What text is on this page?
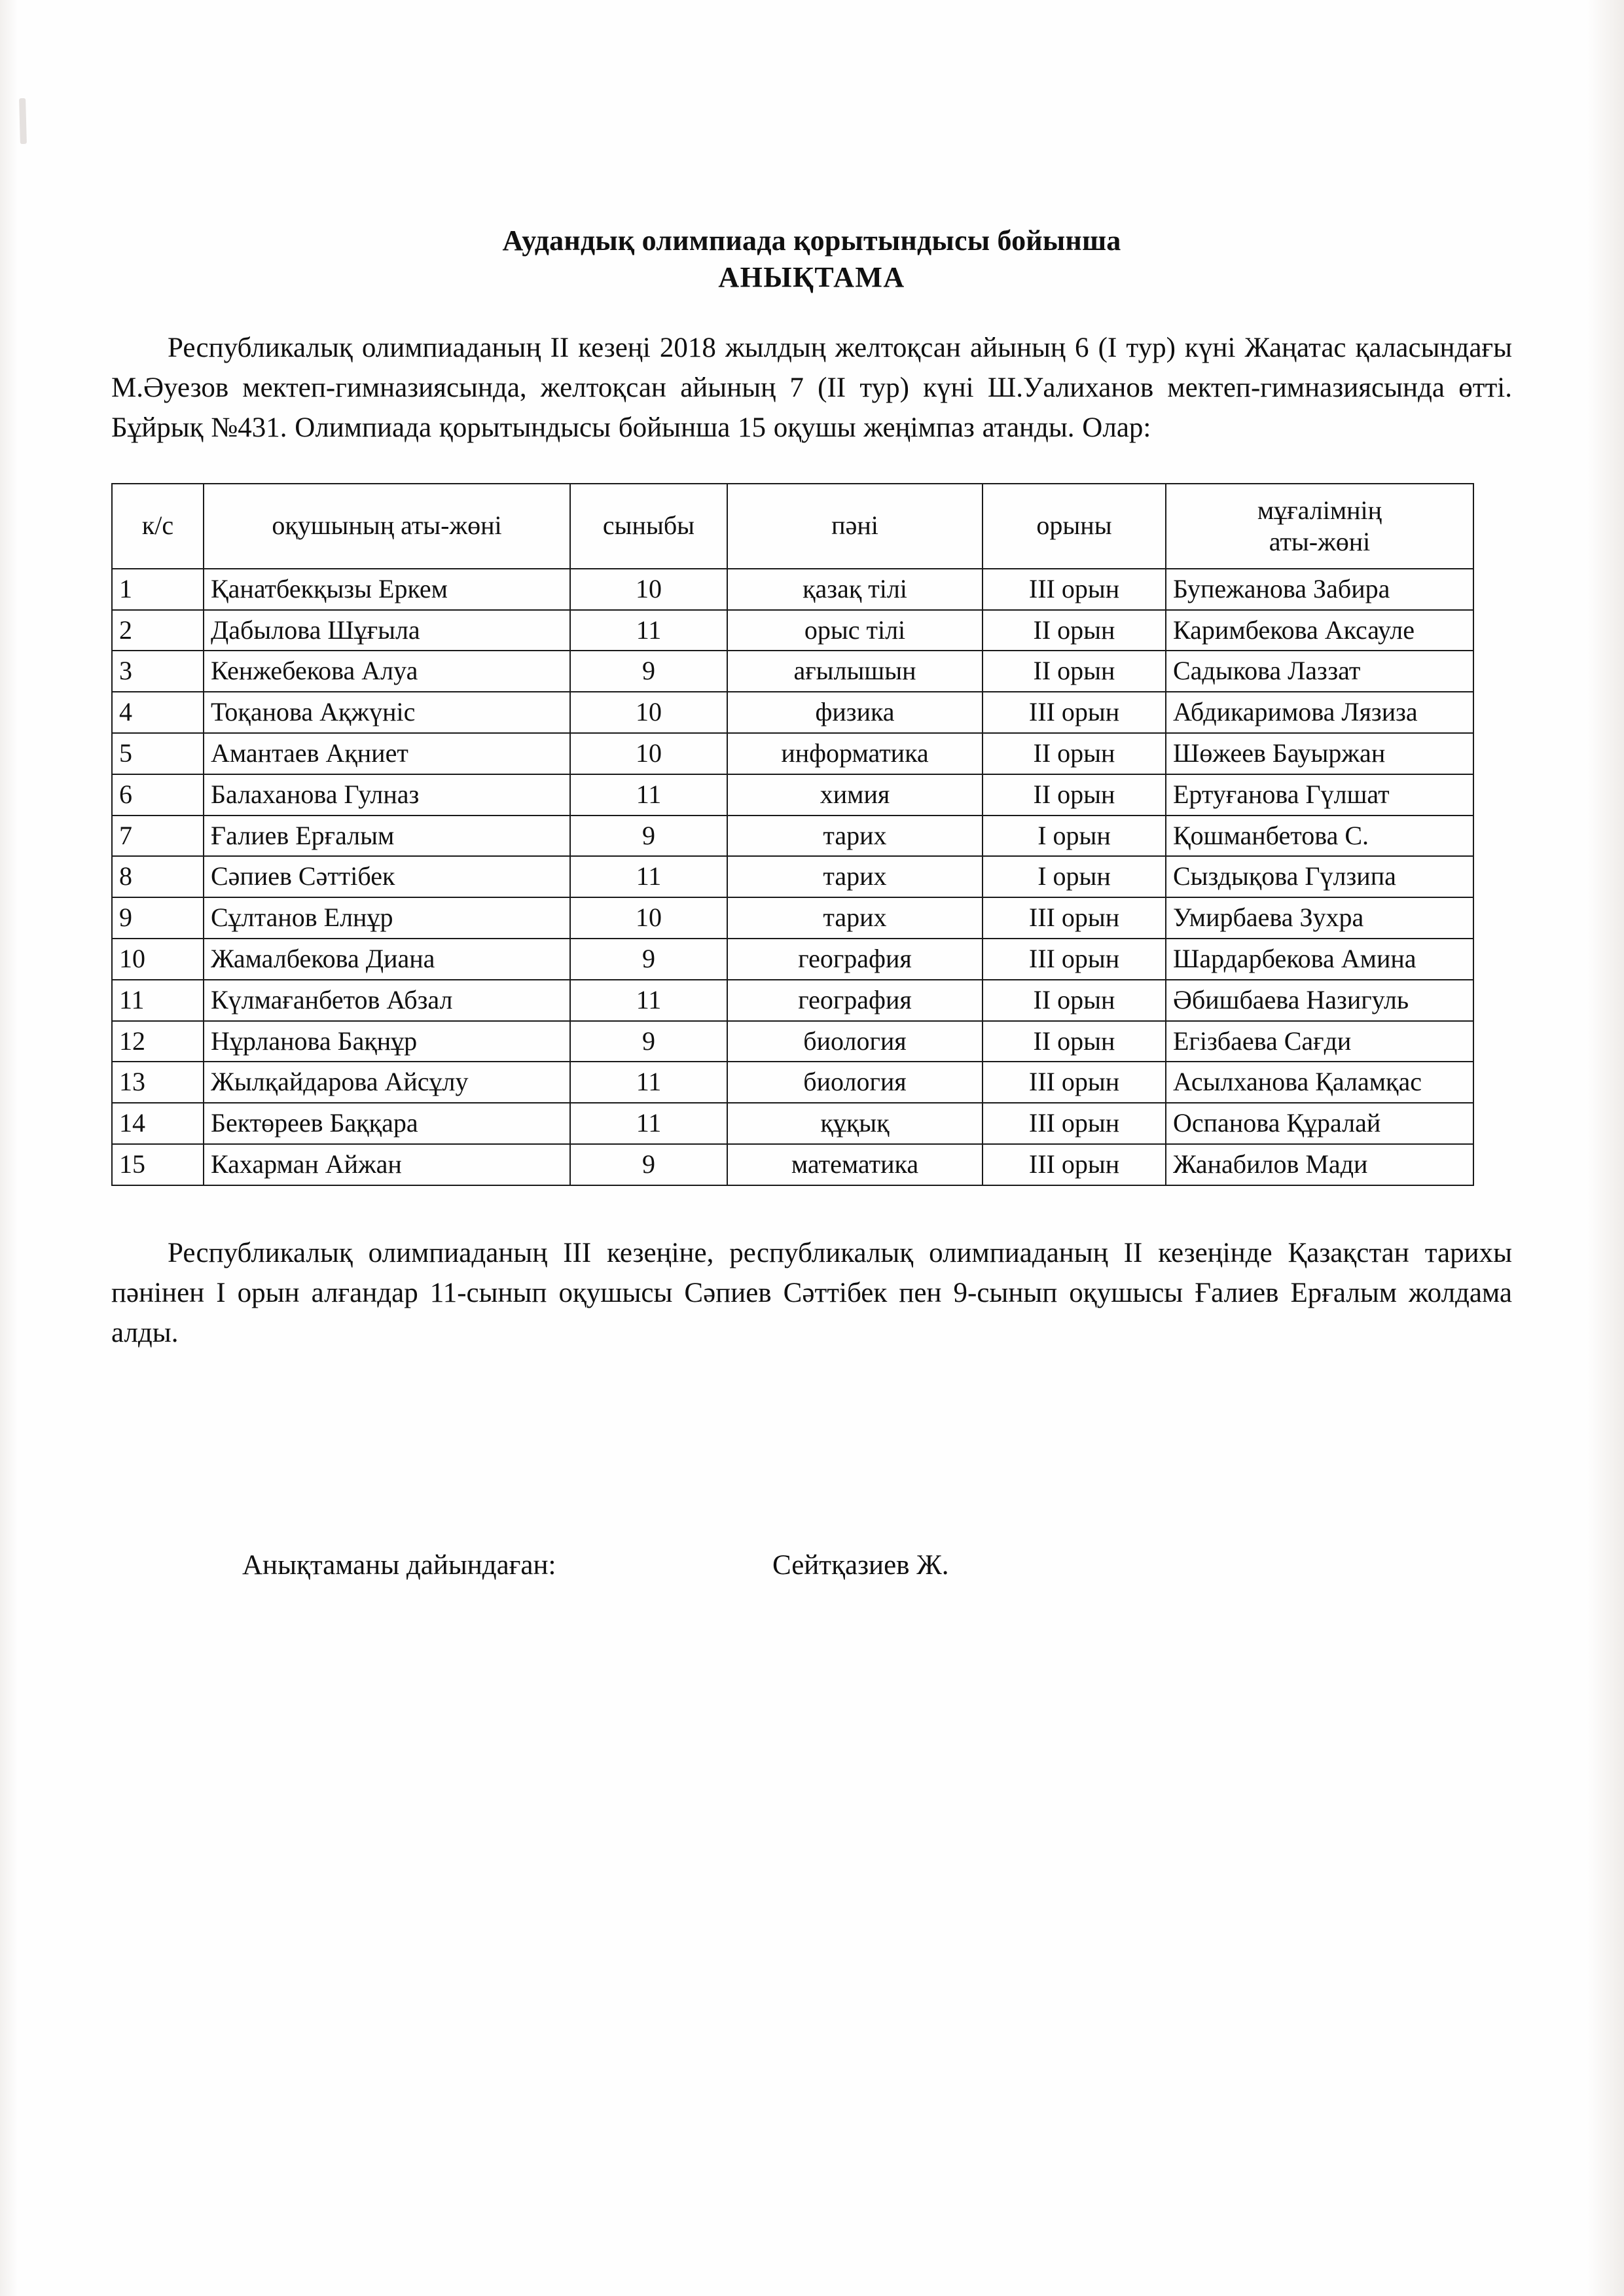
Аудандық олимпиада қорытындысы бойынша
АНЫҚТАМА

Республикалық олимпиаданың II кезеңі 2018 жылдың желтоқсан айының 6 (I тур) күні Жаңатас қаласындағы М.Әуезов мектеп-гимназиясында, желтоқсан айының 7 (II тур) күні Ш.Уалиханов мектеп-гимназиясында өтті. Бұйрық №431. Олимпиада қорытындысы бойынша 15 оқушы жеңімпаз атанды. Олар:

к/с	оқушының аты-жөні	сыныбы	пәні	орыны	мұғалімнің
аты-жөні

1	Қанатбекқызы Еркем	10	қазақ тілі	III орын	Бупежанова Забира
2	Дабылова Шұғыла	11	орыс тілі	II орын	Каримбекова Аксауле
3	Кенжебекова Алуа	9	ағылышын	II орын	Садыкова Лаззат
4	Тоқанова Ақжүніс	10	физика	III орын	Абдикаримова Лязиза
5	Амантаев Ақниет	10	информатика	II орын	Шөжеев Бауыржан
6	Балаханова Гулназ	11	химия	II орын	Ертуғанова Гүлшат
7	Ғалиев Ерғалым	9	тарих	I орын	Қошманбетова С.
8	Сәпиев Сәттібек	11	тарих	I орын	Сыздықова Гүлзипа
9	Сұлтанов Елнұр	10	тарих	III орын	Умирбаева Зухра
10	Жамалбекова Диана	9	география	III орын	Шардарбекова Амина
11	Күлмағанбетов Абзал	11	география	II орын	Әбишбаева Назигуль
12	Нұрланова Бақнұр	9	биология	II орын	Егізбаева Сағди
13	Жылқайдарова Айсұлу	11	биология	III орын	Асылханова Қаламқас
14	Бектөреев Баққара	11	құқық	III орын	Оспанова Құралай
15	Кахарман Айжан	9	математика	III орын	Жанабилов Мади

Республикалық олимпиаданың III кезеңіне, республикалық олимпиаданың II кезеңінде Қазақстан тарихы пәнінен I орын алғандар 11-сынып оқушысы Сәпиев Сәттібек пен 9-сынып оқушысы Ғалиев Ерғалым жолдама алды.

Анықтаманы дайындаған:	Сейтқазиев Ж.
